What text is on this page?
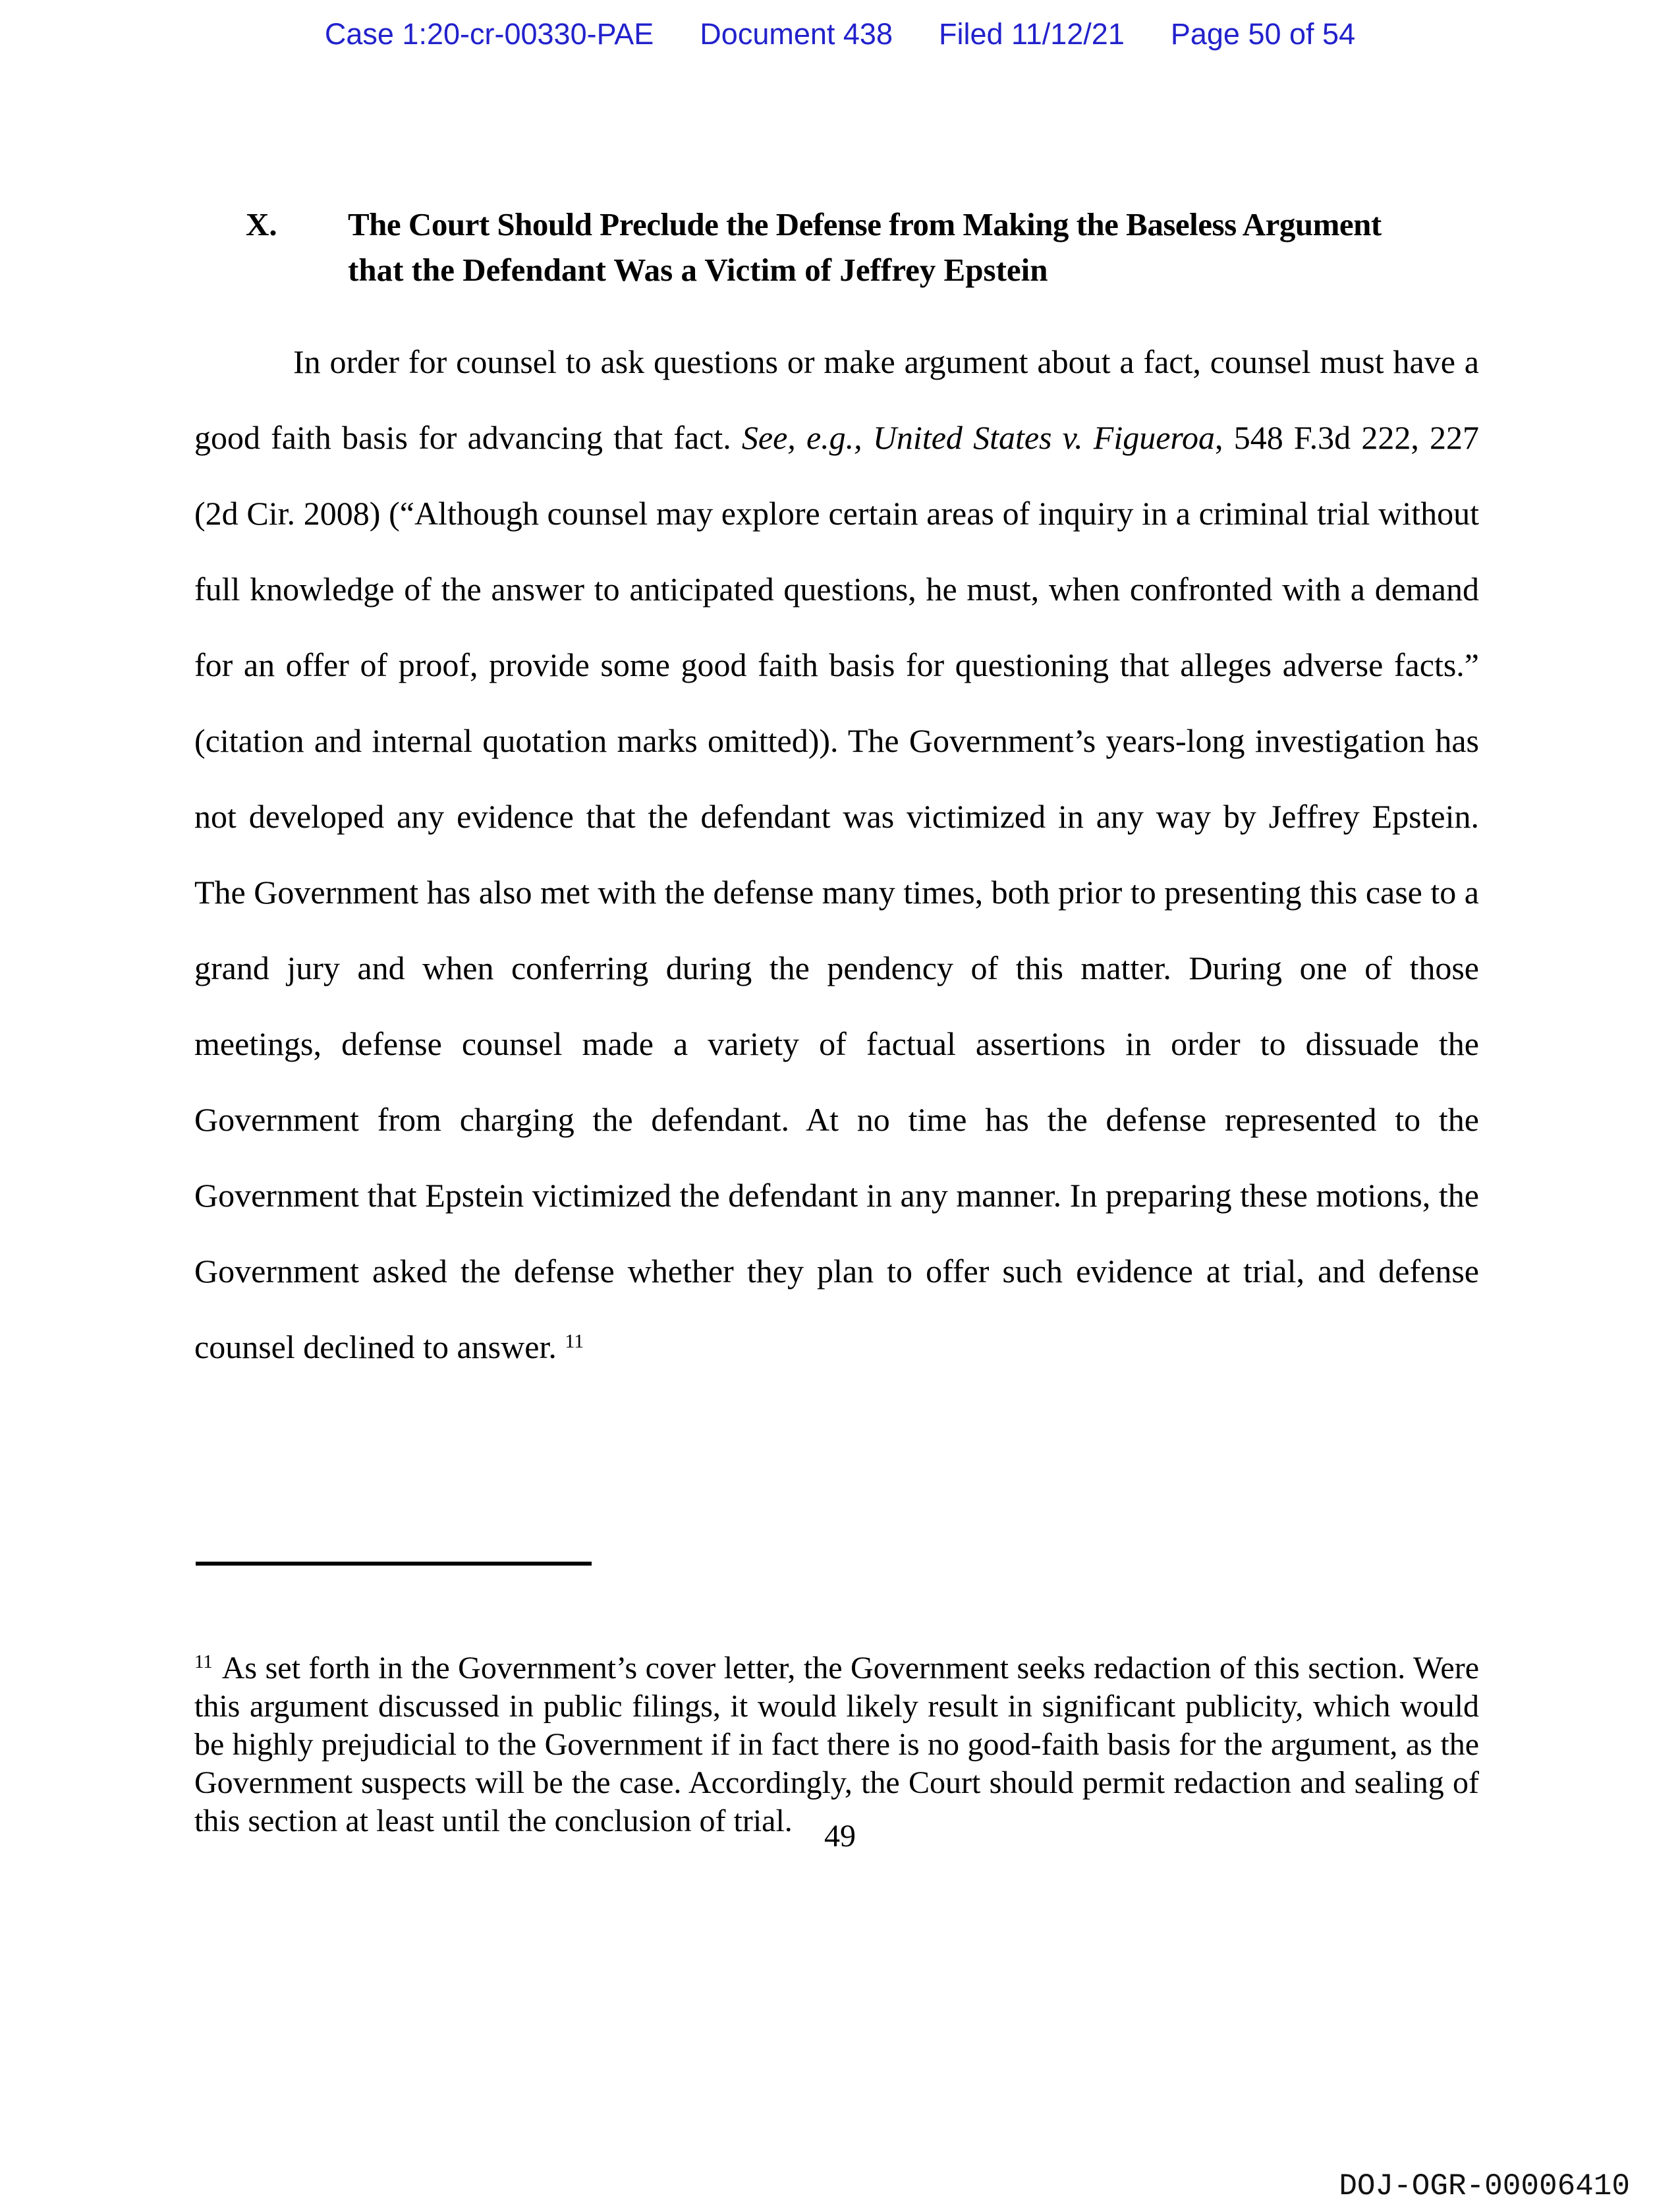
Case 1:20-cr-00330-PAE Document 438 Filed 11/12/21 Page 50 of 54
X.	The Court Should Preclude the Defense from Making the Baseless Argument
that the Defendant Was a Victim of Jeffrey Epstein

In order for counsel to ask questions or make argument about a fact, counsel must have a good faith basis for advancing that fact. See, e.g., United States v. Figueroa, 548 F.3d 222, 227 (2d Cir. 2008) (“Although counsel may explore certain areas of inquiry in a criminal trial without full knowledge of the answer to anticipated questions, he must, when confronted with a demand for an offer of proof, provide some good faith basis for questioning that alleges adverse facts.” (citation and internal quotation marks omitted)). The Government’s years-long investigation has not developed any evidence that the defendant was victimized in any way by Jeffrey Epstein. The Government has also met with the defense many times, both prior to presenting this case to a grand jury and when conferring during the pendency of this matter. During one of those meetings, defense counsel made a variety of factual assertions in order to dissuade the Government from charging the defendant. At no time has the defense represented to the Government that Epstein victimized the defendant in any manner. In preparing these motions, the Government asked the defense whether they plan to offer such evidence at trial, and defense counsel declined to answer. $^{11}$

$^{11}$ As set forth in the Government’s cover letter, the Government seeks redaction of this section. Were this argument discussed in public filings, it would likely result in significant publicity, which would be highly prejudicial to the Government if in fact there is no good-faith basis for the argument, as the Government suspects will be the case. Accordingly, the Court should permit redaction and sealing of this section at least until the conclusion of trial.	49
DOJ-OGR-00006410
